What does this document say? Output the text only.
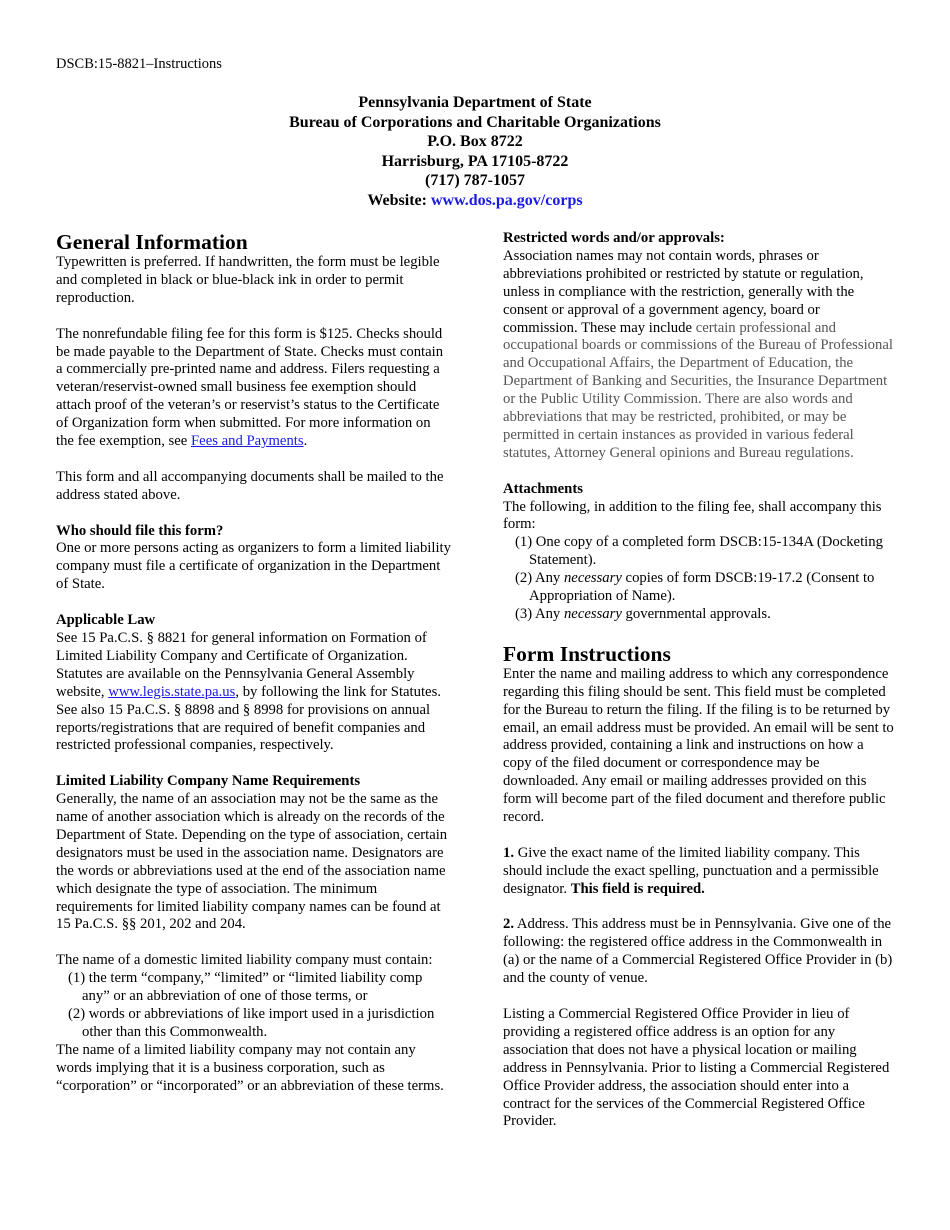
DSCB:15-8821–Instructions
Pennsylvania Department of State
Bureau of Corporations and Charitable Organizations
P.O. Box 8722
Harrisburg, PA 17105-8722
(717) 787-1057
Website: www.dos.pa.gov/corps
General Information

Typewritten is preferred. If handwritten, the form must be legible and completed in black or blue-black ink in order to permit reproduction.

The nonrefundable filing fee for this form is $125. Checks should be made payable to the Department of State. Checks must contain a commercially pre-printed name and address. Filers requesting a veteran/reservist-owned small business fee exemption should attach proof of the veteran’s or reservist’s status to the Certificate of Organization form when submitted. For more information on the fee exemption, see Fees and Payments.

This form and all accompanying documents shall be mailed to the address stated above.

Who should file this form?

One or more persons acting as organizers to form a limited liability company must file a certificate of organization in the Department of State.

Applicable Law

See 15 Pa.C.S. § 8821 for general information on Formation of Limited Liability Company and Certificate of Organization. Statutes are available on the Pennsylvania General Assembly website, www.legis.state.pa.us, by following the link for Statutes. See also 15 Pa.C.S. § 8898 and § 8998 for provisions on annual reports/registrations that are required of benefit companies and restricted professional companies, respectively.

Limited Liability Company Name Requirements

Generally, the name of an association may not be the same as the name of another association which is already on the records of the Department of State. Depending on the type of association, certain designators must be used in the association name. Designators are the words or abbreviations used at the end of the association name which designate the type of association. The minimum requirements for limited liability company names can be found at 15 Pa.C.S. §§ 201, 202 and 204.

The name of a domestic limited liability company must contain:
(1) the term “company,” “limited” or “limited liability comp any” or an abbreviation of one of those terms, or
(2) words or abbreviations of like import used in a jurisdiction other than this Commonwealth.
The name of a limited liability company may not contain any words implying that it is a business corporation, such as “corporation” or “incorporated” or an abbreviation of these terms.
Restricted words and/or approvals:

Association names may not contain words, phrases or abbreviations prohibited or restricted by statute or regulation, unless in compliance with the restriction, generally with the consent or approval of a government agency, board or commission. These may include certain professional and occupational boards or commissions of the Bureau of Professional and Occupational Affairs, the Department of Education, the Department of Banking and Securities, the Insurance Department or the Public Utility Commission. There are also words and abbreviations that may be restricted, prohibited, or may be permitted in certain instances as provided in various federal statutes, Attorney General opinions and Bureau regulations.

Attachments
The following, in addition to the filing fee, shall accompany this form:
(1) One copy of a completed form DSCB:15-134A (Docketing Statement).
(2) Any necessary copies of form DSCB:19-17.2 (Consent to Appropriation of Name).

(3) Any necessary governmental approvals.

Form Instructions

Enter the name and mailing address to which any correspondence regarding this filing should be sent. This field must be completed for the Bureau to return the filing. If the filing is to be returned by email, an email address must be provided. An email will be sent to address provided, containing a link and instructions on how a copy of the filed document or correspondence may be downloaded. Any email or mailing addresses provided on this form will become part of the filed document and therefore public record.

1. Give the exact name of the limited liability company. This should include the exact spelling, punctuation and a permissible designator. This field is required.

2. Address. This address must be in Pennsylvania. Give one of the following: the registered office address in the Commonwealth in (a) or the name of a Commercial Registered Office Provider in (b) and the county of venue.

Listing a Commercial Registered Office Provider in lieu of providing a registered office address is an option for any association that does not have a physical location or mailing address in Pennsylvania. Prior to listing a Commercial Registered Office Provider address, the association should enter into a contract for the services of the Commercial Registered Office Provider.
